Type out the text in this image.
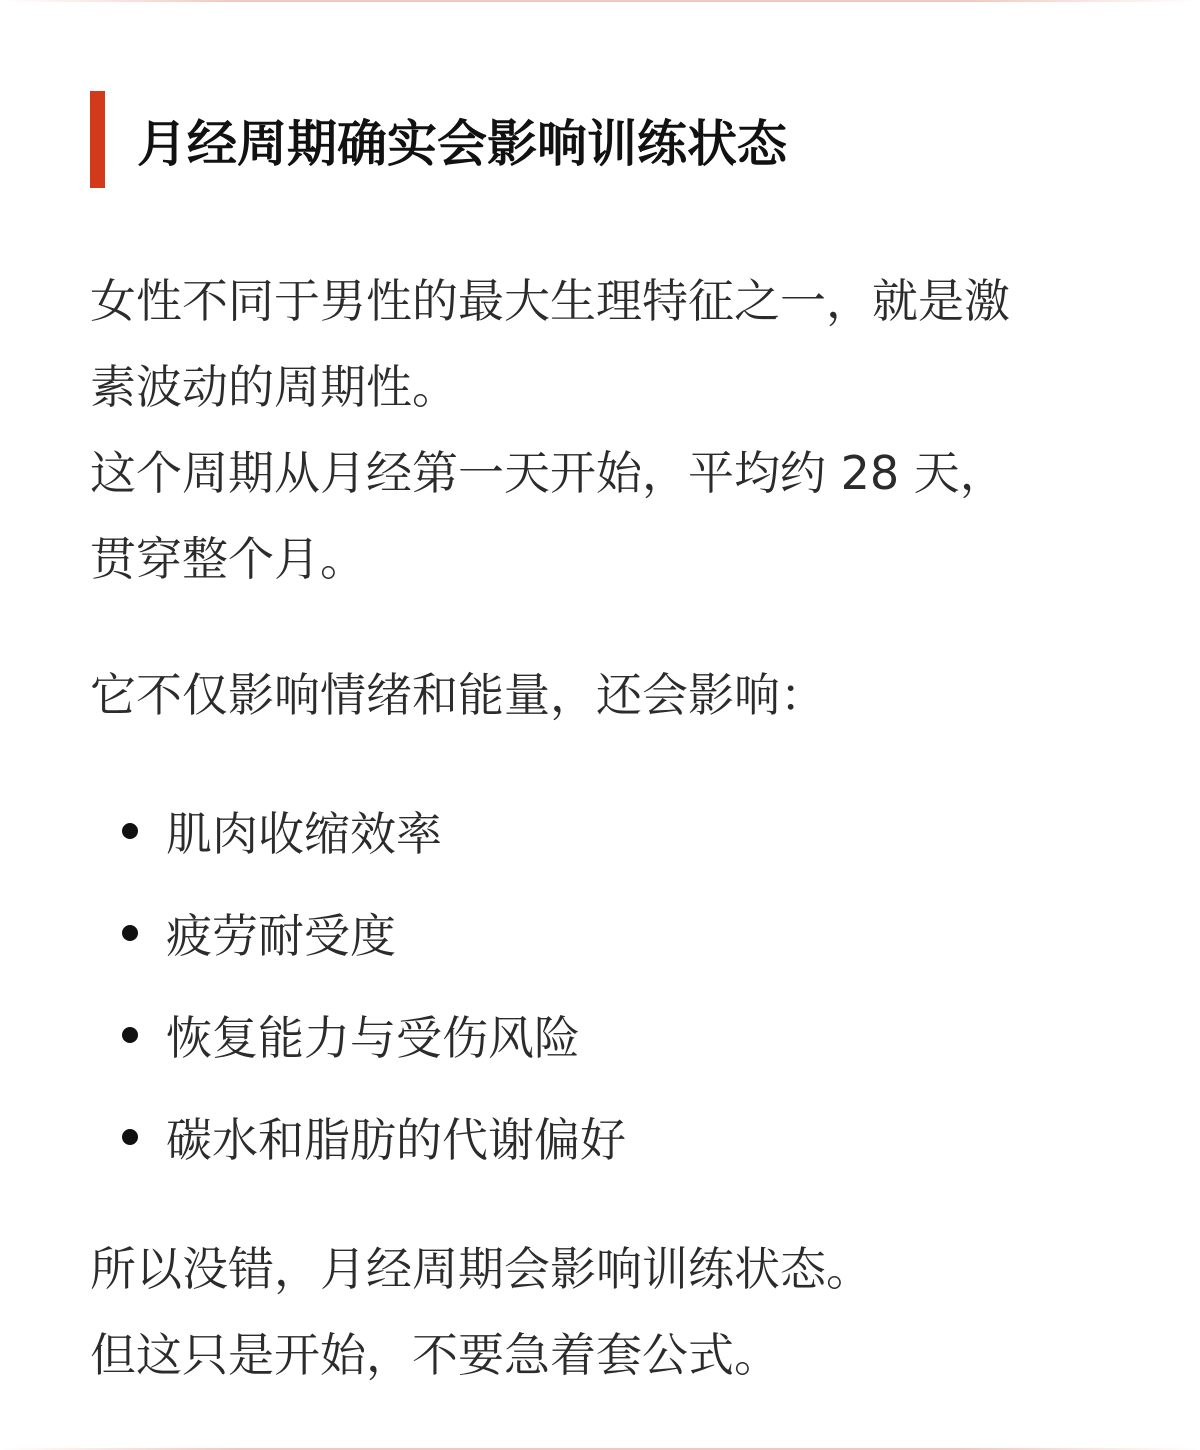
月经周期确实会影响训练状态

女性不同于男性的最大生理特征之一，就是激
素波动的周期性。

这个周期从月经第一天开始，平均约 28 天，
贯穿整个月。

它不仅影响情绪和能量，还会影响：

肌肉收缩效率
疲劳耐受度
恢复能力与受伤风险
碳水和脂肪的代谢偏好

所以没错，月经周期会影响训练状态。
但这只是开始，不要急着套公式。
